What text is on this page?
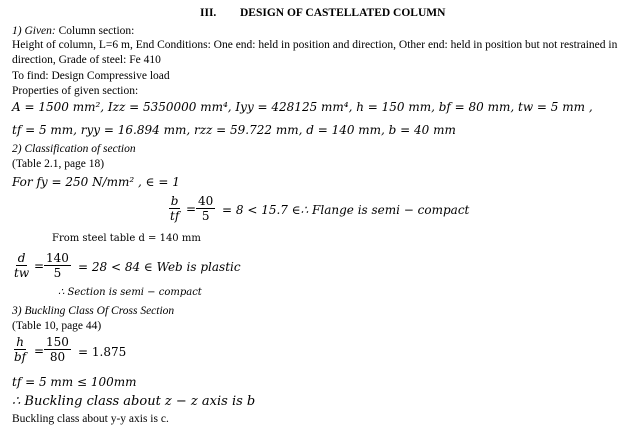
III. DESIGN OF CASTELLATED COLUMN
1) Given: Column section:
Height of column, L=6 m, End Conditions: One end: held in position and direction, Other end: held in position but not restrained in
direction, Grade of steel: Fe 410
To find: Design Compressive load
Properties of given section:
A = 1500 mm², Izz = 5350000 mm⁴, Iyy = 428125 mm⁴, h = 150 mm, bf = 80 mm, tw = 5 mm ,
tf = 5 mm, ryy = 16.894 mm, rzz = 59.722 mm, d = 140 mm, b = 40 mm
2) Classification of section
(Table 2.1, page 18)
For fy = 250 N/mm² , ∈ = 1
$\frac{b}{tf} = \frac{40}{5} = 8 < 15.7$ ∈∴ Flange is semi − compact
From steel table d = 140 mm
$\frac{d}{tw} = \frac{140}{5} = 28 < 84$ ∈ Web is plastic
∴ Section is semi − compact
3) Buckling Class Of Cross Section
(Table 10, page 44)
$\frac{h}{bf} = \frac{150}{80} = 1.875$
tf = 5 mm ≤ 100mm
∴ Buckling class about z − z axis is b
Buckling class about y-y axis is c.
